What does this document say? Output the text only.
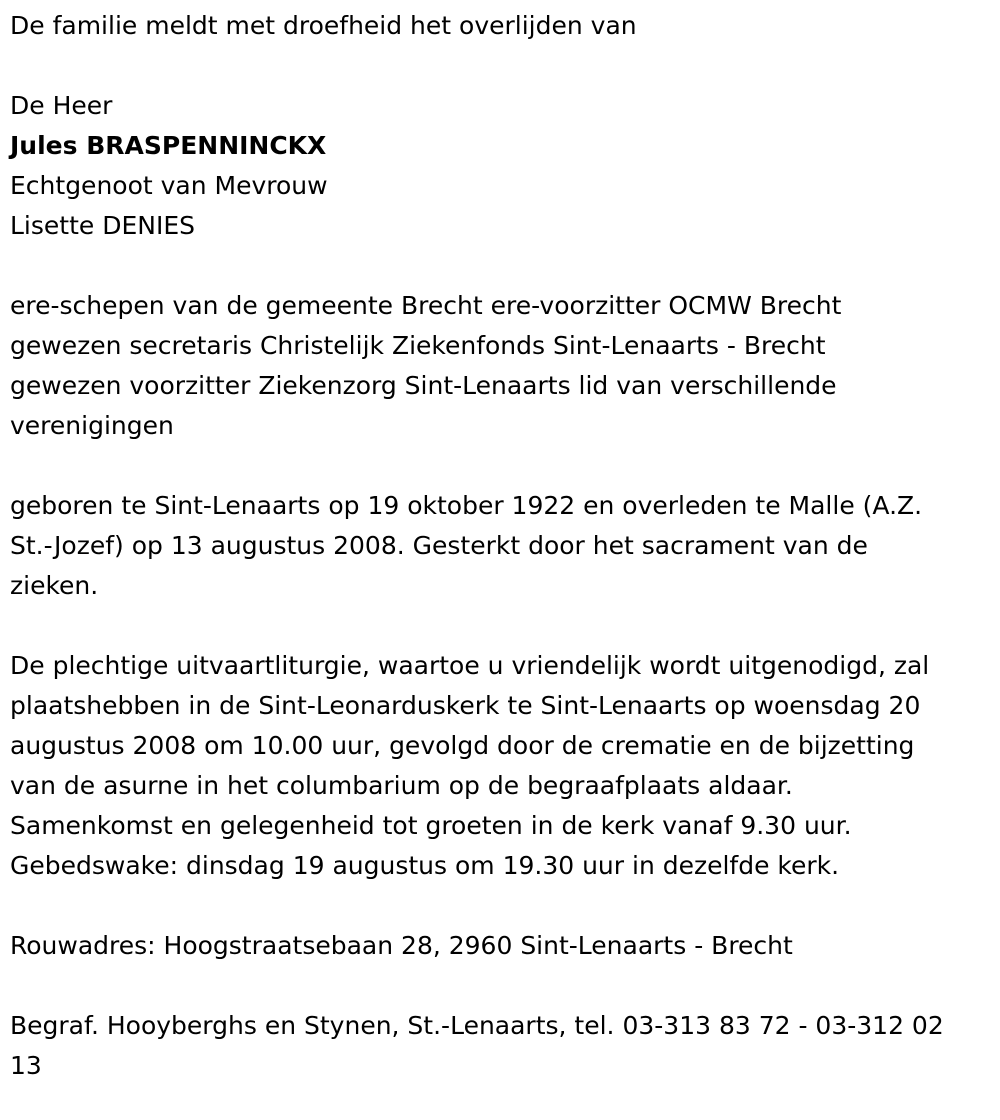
De familie meldt met droefheid het overlijden van

De Heer

Jules BRASPENNINCKX

Echtgenoot van Mevrouw

Lisette DENIES

ere-schepen van de gemeente Brecht ere-voorzitter OCMW Brecht

gewezen secretaris Christelijk Ziekenfonds Sint-Lenaarts - Brecht

gewezen voorzitter Ziekenzorg Sint-Lenaarts lid van verschillende

verenigingen

geboren te Sint-Lenaarts op 19 oktober 1922 en overleden te Malle (A.Z.

St.-Jozef) op 13 augustus 2008. Gesterkt door het sacrament van de

zieken.

De plechtige uitvaartliturgie, waartoe u vriendelijk wordt uitgenodigd, zal

plaatshebben in de Sint-Leonarduskerk te Sint-Lenaarts op woensdag 20

augustus 2008 om 10.00 uur, gevolgd door de crematie en de bijzetting

van de asurne in het columbarium op de begraafplaats aldaar.

Samenkomst en gelegenheid tot groeten in de kerk vanaf 9.30 uur.

Gebedswake: dinsdag 19 augustus om 19.30 uur in dezelfde kerk.

Rouwadres: Hoogstraatsebaan 28, 2960 Sint-Lenaarts - Brecht

Begraf. Hooyberghs en Stynen, St.-Lenaarts, tel. 03-313 83 72 - 03-312 02

13
